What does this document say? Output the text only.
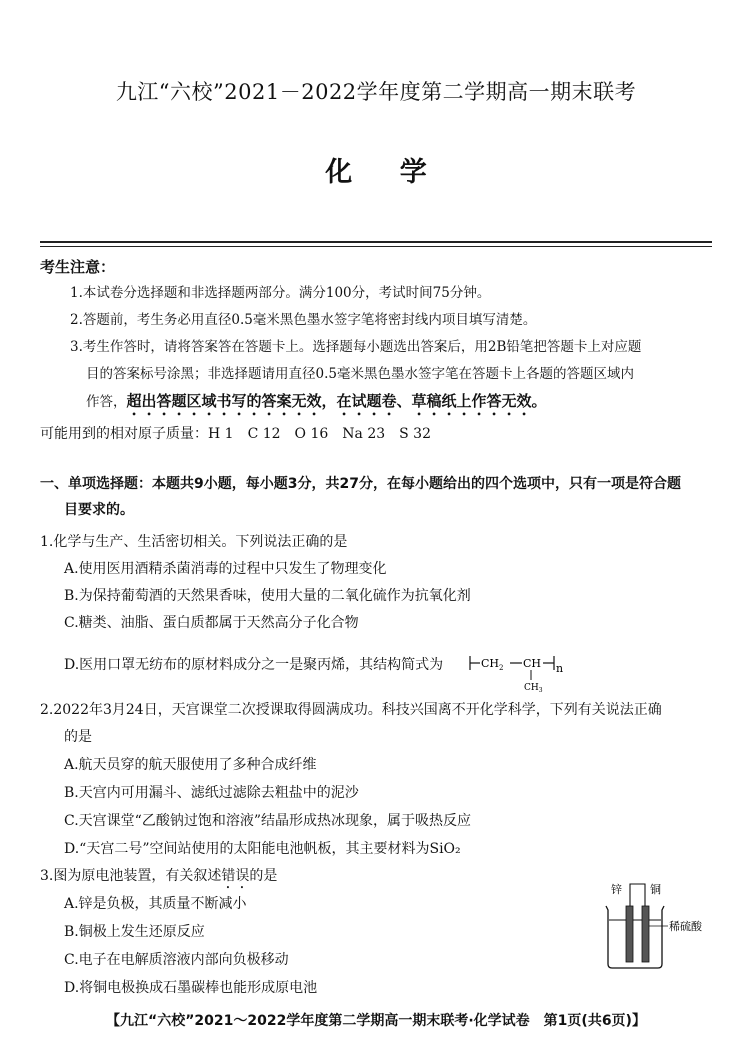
九江“六校”2021－2022学年度第二学期高一期末联考
化 学
考生注意：
1.本试卷分选择题和非选择题两部分。满分100分，考试时间75分钟。
2.答题前，考生务必用直径0.5毫米黑色墨水签字笔将密封线内项目填写清楚。
3.考生作答时，请将答案答在答题卡上。选择题每小题选出答案后，用2B铅笔把答题卡上对应题
目的答案标号涂黑；非选择题请用直径0.5毫米黑色墨水签字笔在答题卡上各题的答题区域内
作答，超出答题区域书写的答案无效，在试题卷、草稿纸上作答无效。
可能用到的相对原子质量：H 1　C 12　O 16　Na 23　S 32
一、单项选择题：本题共9小题，每小题3分，共27分，在每小题给出的四个选项中，只有一项是符合题
目要求的。
1.化学与生产、生活密切相关。下列说法正确的是
A.使用医用酒精杀菌消毒的过程中只发生了物理变化
B.为保持葡萄酒的天然果香味，使用大量的二氧化硫作为抗氧化剂
C.糖类、油脂、蛋白质都属于天然高分子化合物
D.医用口罩无纺布的原材料成分之一是聚丙烯，其结构简式为	$CH_2$ CH n
$CH_3$
2.2022年3月24日，天宫课堂二次授课取得圆满成功。科技兴国离不开化学科学，下列有关说法正确
的是
A.航天员穿的航天服使用了多种合成纤维
B.天宫内可用漏斗、滤纸过滤除去粗盐中的泥沙
C.天宫课堂“乙酸钠过饱和溶液”结晶形成热冰现象，属于吸热反应
D.“天宫二号”空间站使用的太阳能电池帆板，其主要材料为SiO₂
3.图为原电池装置，有关叙述错误的是
A.锌是负极，其质量不断减小
B.铜极上发生还原反应
C.电子在电解质溶液内部向负极移动
D.将铜电极换成石墨碳棒也能形成原电池
锌	铜
稀硫酸
【九江“六校”2021～2022学年度第二学期高一期末联考·化学试卷　第1页(共6页)】
